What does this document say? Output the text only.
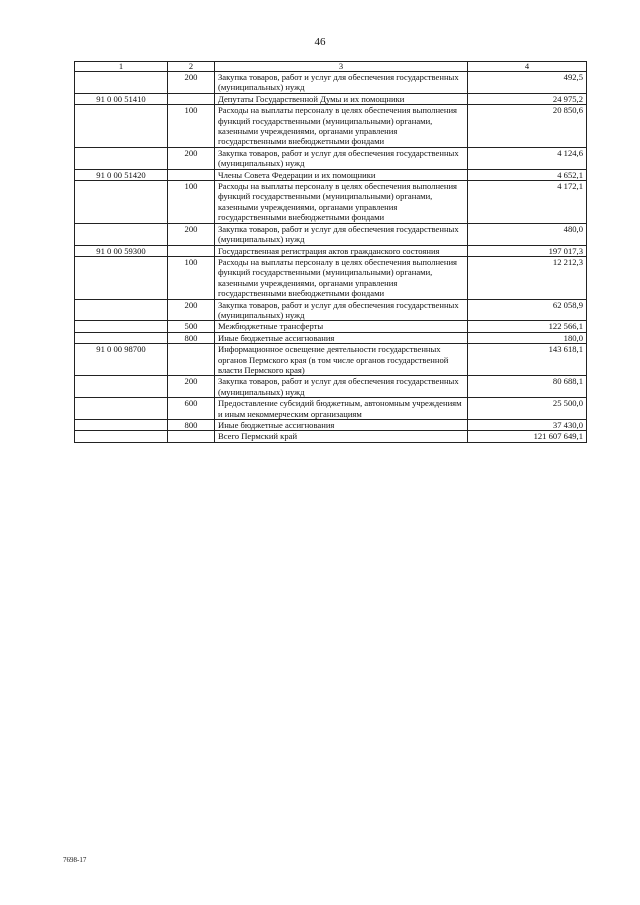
46
1	2	3	4
	200	Закупка товаров, работ и услуг для обеспечения государственных (муниципальных) нужд	492,5
91 0 00 51410		Депутаты Государственной Думы и их помощники	24 975,2
	100	Расходы на выплаты персоналу в целях обеспечения выполнения функций государственными (муниципальными) органами, казенными учреждениями, органами управления государственными внебюджетными фондами	20 850,6
	200	Закупка товаров, работ и услуг для обеспечения государственных (муниципальных) нужд	4 124,6
91 0 00 51420		Члены Совета Федерации и их помощники	4 652,1
	100	Расходы на выплаты персоналу в целях обеспечения выполнения функций государственными (муниципальными) органами, казенными учреждениями, органами управления государственными внебюджетными фондами	4 172,1
	200	Закупка товаров, работ и услуг для обеспечения государственных (муниципальных) нужд	480,0
91 0 00 59300		Государственная регистрация актов гражданского состояния	197 017,3
	100	Расходы на выплаты персоналу в целях обеспечения выполнения функций государственными (муниципальными) органами, казенными учреждениями, органами управления государственными внебюджетными фондами	12 212,3
	200	Закупка товаров, работ и услуг для обеспечения государственных (муниципальных) нужд	62 058,9
	500	Межбюджетные трансферты	122 566,1
	800	Иные бюджетные ассигнования	180,0
91 0 00 98700		Информационное освещение деятельности государственных органов Пермского края (в том числе органов государственной власти Пермского края)	143 618,1
	200	Закупка товаров, работ и услуг для обеспечения государственных (муниципальных) нужд	80 688,1
	600	Предоставление субсидий бюджетным, автономным учреждениям и иным некоммерческим организациям	25 500,0
	800	Иные бюджетные ассигнования	37 430,0
		Всего Пермский край	121 607 649,1
7698-17
